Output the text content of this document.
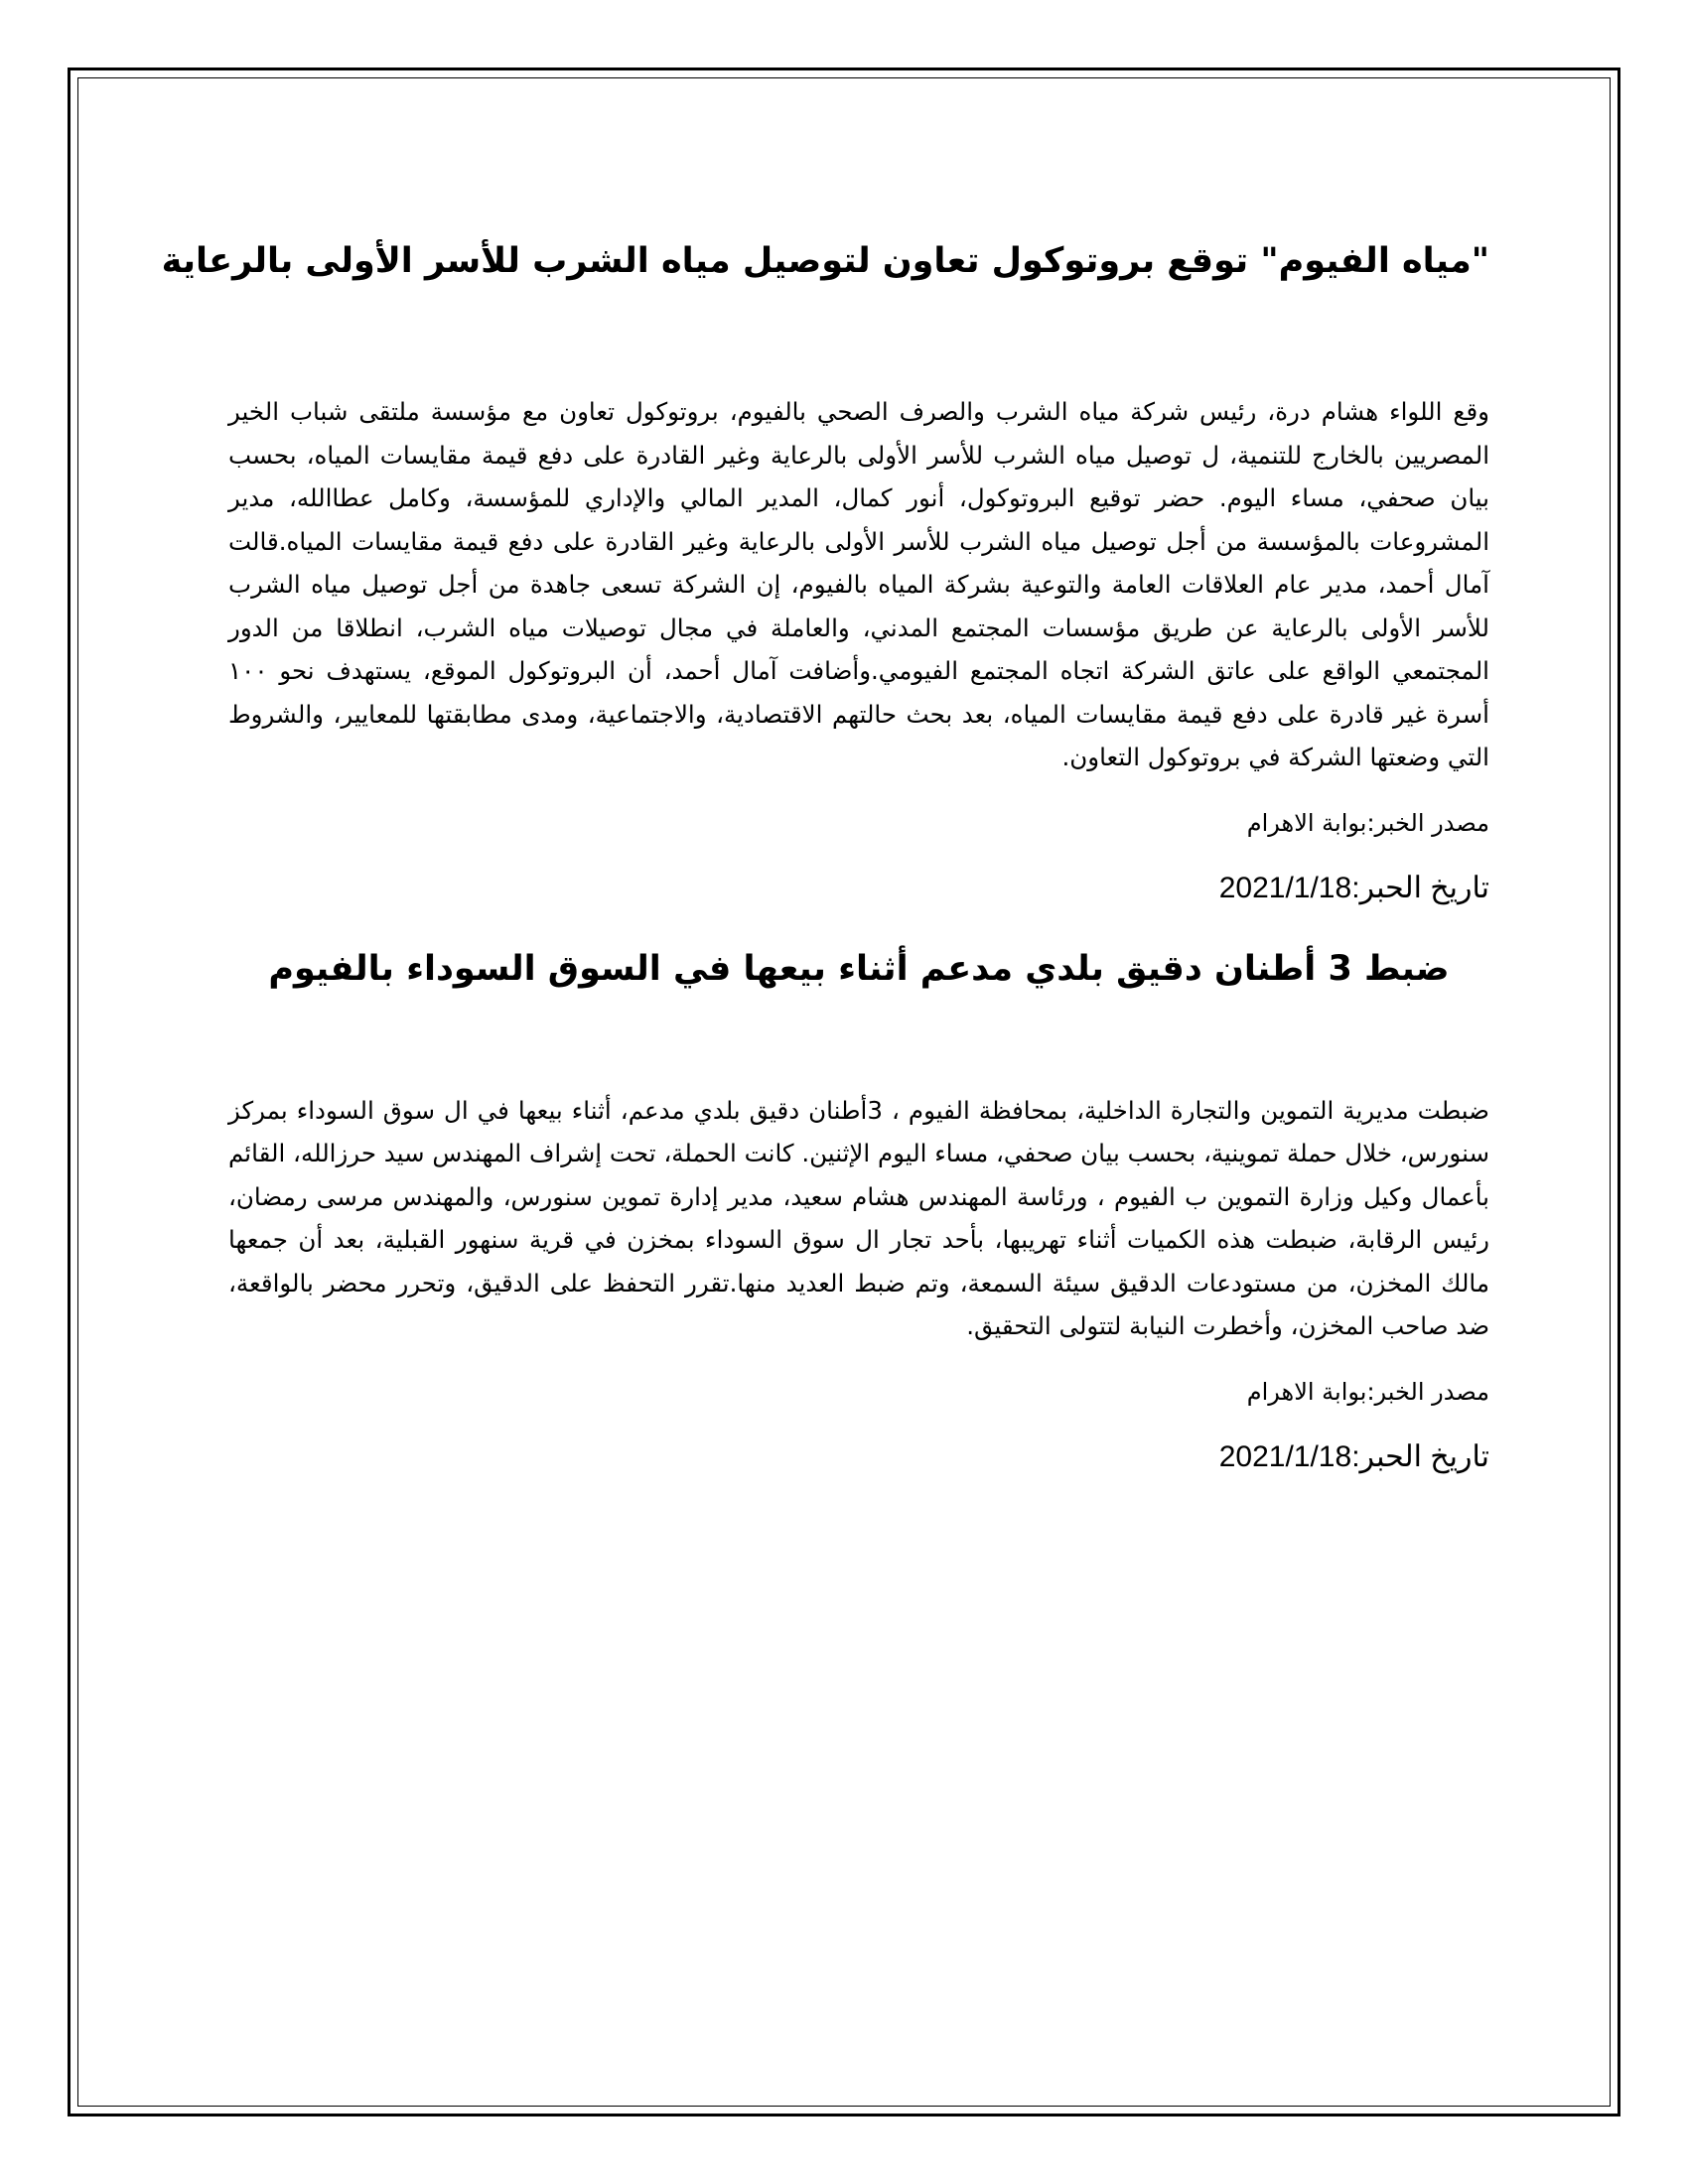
"مياه الفيوم" توقع بروتوكول تعاون لتوصيل مياه الشرب للأسر الأولى بالرعاية

وقع اللواء هشام درة، رئيس شركة مياه الشرب والصرف الصحي بالفيوم، بروتوكول تعاون مع مؤسسة ملتقى شباب الخير المصريين بالخارج للتنمية، ل توصيل مياه الشرب للأسر الأولى بالرعاية وغير القادرة على دفع قيمة مقايسات المياه، بحسب بيان صحفي، مساء اليوم. حضر توقيع البروتوكول، أنور كمال، المدير المالي والإداري للمؤسسة، وكامل عطاالله، مدير المشروعات بالمؤسسة من أجل توصيل مياه الشرب للأسر الأولى بالرعاية وغير القادرة على دفع قيمة مقايسات المياه.قالت آمال أحمد، مدير عام العلاقات العامة والتوعية بشركة المياه بالفيوم، إن الشركة تسعى جاهدة من أجل توصيل مياه الشرب للأسر الأولى بالرعاية عن طريق مؤسسات المجتمع المدني، والعاملة في مجال توصيلات مياه الشرب، انطلاقا من الدور المجتمعي الواقع على عاتق الشركة اتجاه المجتمع الفيومي.وأضافت آمال أحمد، أن البروتوكول الموقع، يستهدف نحو ١٠٠ أسرة غير قادرة على دفع قيمة مقايسات المياه، بعد بحث حالتهم الاقتصادية، والاجتماعية، ومدى مطابقتها للمعايير، والشروط التي وضعتها الشركة في بروتوكول التعاون.

مصدر الخبر:بوابة الاهرام

تاريخ الحبر:2021/1/18

ضبط 3 أطنان دقيق بلدي مدعم أثناء بيعها في السوق السوداء بالفيوم

ضبطت مديرية التموين والتجارة الداخلية، بمحافظة الفيوم ، 3أطنان دقيق بلدي مدعم، أثناء بيعها في ال سوق السوداء بمركز سنورس، خلال حملة تموينية، بحسب بيان صحفي، مساء اليوم الإثنين. كانت الحملة، تحت إشراف المهندس سيد حرزالله، القائم بأعمال وكيل وزارة التموين ب الفيوم ، ورئاسة المهندس هشام سعيد، مدير إدارة تموين سنورس، والمهندس مرسى رمضان، رئيس الرقابة، ضبطت هذه الكميات أثناء تهريبها، بأحد تجار ال سوق السوداء بمخزن في قرية سنهور القبلية، بعد أن جمعها مالك المخزن، من مستودعات الدقيق سيئة السمعة، وتم ضبط العديد منها.تقرر التحفظ على الدقيق، وتحرر محضر بالواقعة، ضد صاحب المخزن، وأخطرت النيابة لتتولى التحقيق.

مصدر الخبر:بوابة الاهرام

تاريخ الحبر:2021/1/18
